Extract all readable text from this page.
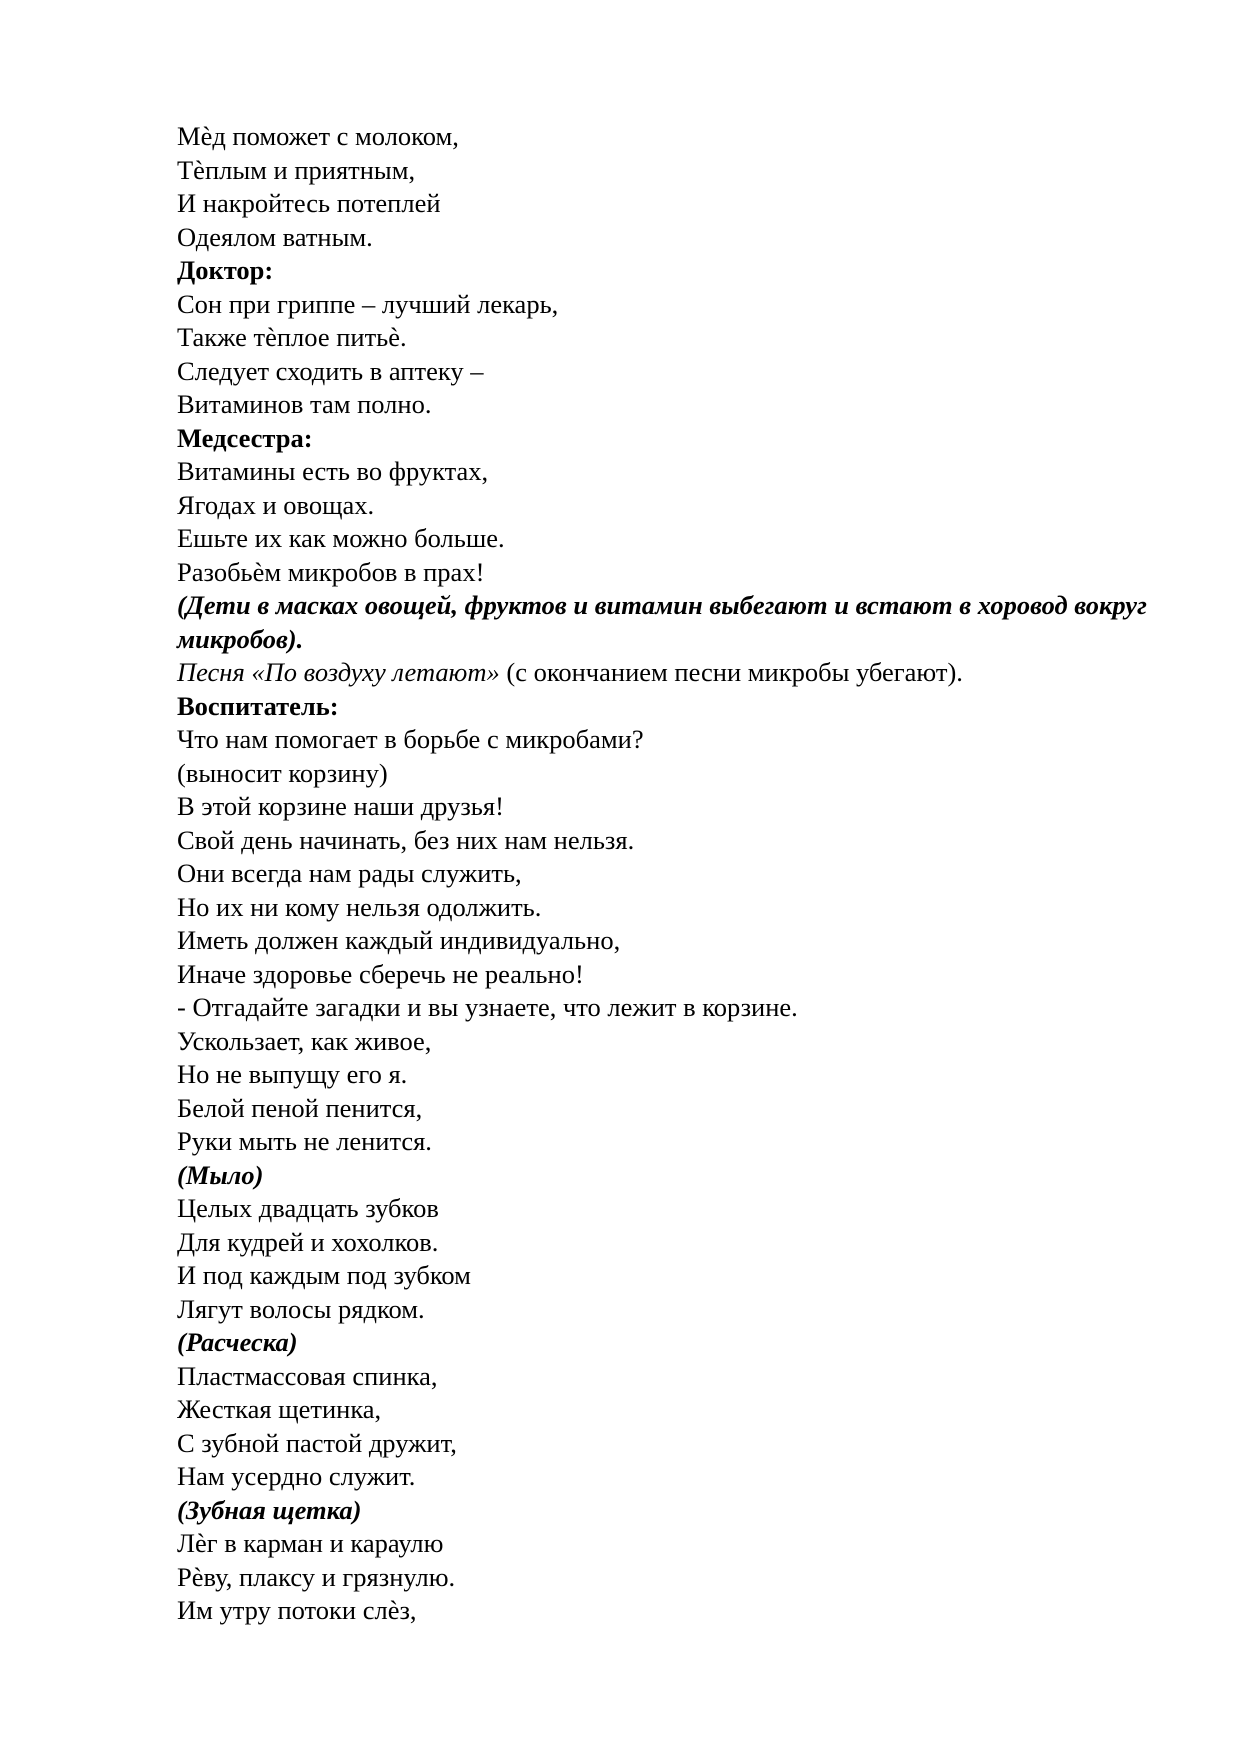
Мѐд поможет с молоком,

Тѐплым и приятным,

И накройтесь потеплей

Одеялом ватным.

Доктор:

Сон при гриппе – лучший лекарь,

Также тѐплое питьѐ.

Следует сходить в аптеку –

Витаминов там полно.

Медсестра:

Витамины есть во фруктах,

Ягодах и овощах.

Ешьте их как можно больше.

Разобьѐм микробов в прах!

(Дети в масках овощей, фруктов и витамин выбегают и встают в хоровод вокруг микробов).

Песня «По воздуху летают» (с окончанием песни микробы убегают).

Воспитатель:

Что нам помогает в борьбе с микробами?

(выносит корзину)

В этой корзине наши друзья!

Свой день начинать, без них нам нельзя.

Они всегда нам рады служить,

Но их ни кому нельзя одолжить.

Иметь должен каждый индивидуально,

Иначе здоровье сберечь не реально!

- Отгадайте загадки и вы узнаете, что лежит в корзине.

Ускользает, как живое,

Но не выпущу его я.

Белой пеной пенится,

Руки мыть не ленится.

(Мыло)

Целых двадцать зубков

Для кудрей и хохолков.

И под каждым под зубком

Лягут волосы рядком.

(Расческа)

Пластмассовая спинка,

Жесткая щетинка,

С зубной пастой дружит,

Нам усердно служит.

(Зубная щетка)

Лѐг в карман и караулю

Рѐву, плаксу и грязнулю.

Им утру потоки слѐз,
